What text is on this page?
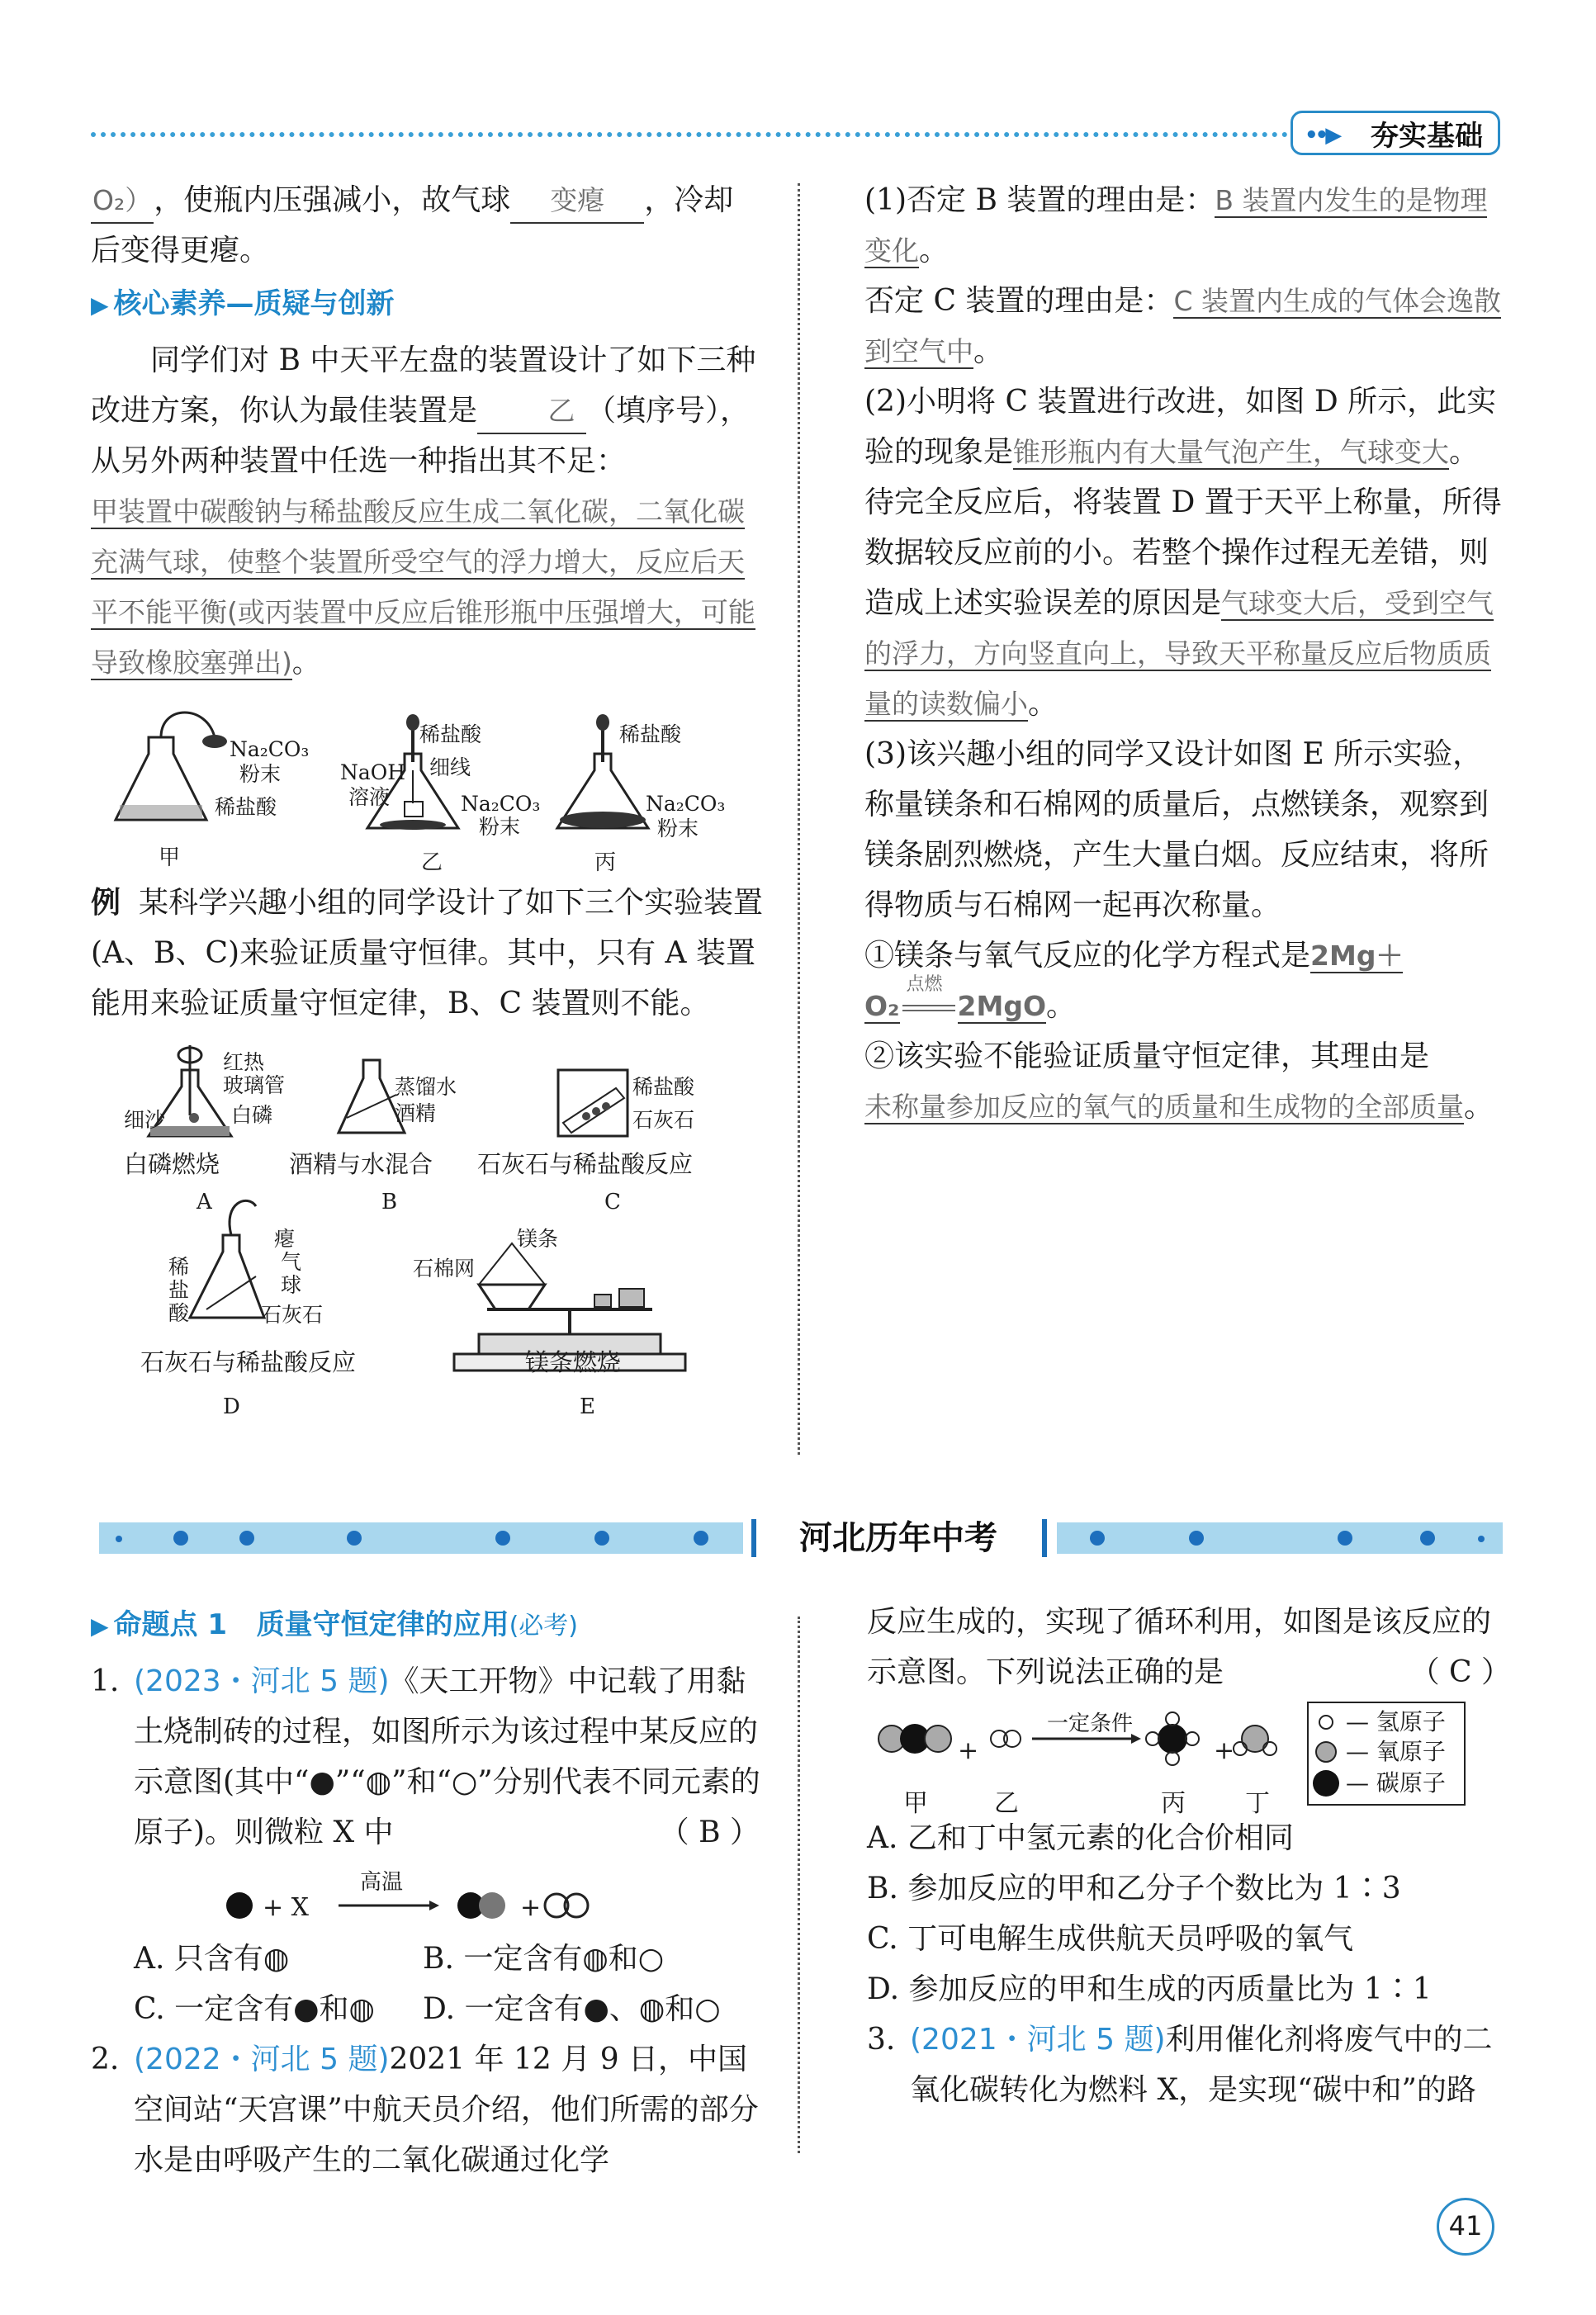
••▶ 夯实基础

O₂），使瓶内压强减小，故气球 变瘪 ，冷却

后变得更瘪。

▶ 核心素养—质疑与创新

同学们对 B 中天平左盘的装置设计了如下三种改进方案，你认为最佳装置是	乙 （填序号），从另外两种装置中任选一种指出其不足：

甲装置中碳酸钠与稀盐酸反应生成二氧化碳，二氧化碳充满气球，使整个装置所受空气的浮力增大，反应后天平不能平衡(或丙装置中反应后锥形瓶中压强增大，可能导致橡胶塞弹出)。

Na₂CO₃
粉末
稀盐酸
甲
稀盐酸
细线
NaOH
溶液	Na₂CO₃
粉末
乙
稀盐酸
Na₂CO₃
粉末
丙

例 某科学兴趣小组的同学设计了如下三个实验装置(A、B、C)来验证质量守恒律。其中，只有 A 装置能用来验证质量守恒定律，B、C 装置则不能。

红热
玻璃管
细沙	白磷
白磷燃烧
A
蒸馏水
酒精
酒精与水混合
B
稀盐酸
石灰石
石灰石与稀盐酸反应
C
瘪
气
球
稀
盐
酸	石灰石
石灰石与稀盐酸反应
D
镁条
石棉网
镁条燃烧
E

(1)否定 B 装置的理由是：B 装置内发生的是物理变化。

否定 C 装置的理由是：C 装置内生成的气体会逸散到空气中。

(2)小明将 C 装置进行改进，如图 D 所示，此实验的现象是锥形瓶内有大量气泡产生，气球变大。待完全反应后，将装置 D 置于天平上称量，所得数据较反应前的小。若整个操作过程无差错，则造成上述实验误差的原因是气球变大后，受到空气的浮力，方向竖直向上，导致天平称量反应后物质质量的读数偏小。

(3)该兴趣小组的同学又设计如图 E 所示实验，称量镁条和石棉网的质量后，点燃镁条，观察到镁条剧烈燃烧，产生大量白烟。反应结束，将所得物质与石棉网一起再次称量。

①镁条与氧气反应的化学方程式是2Mg＋

O₂
点燃
2MgO。

②该实验不能验证质量守恒定律，其理由是

未称量参加反应的氧气的质量和生成物的全部质量。

河北历年中考
▶ 命题点 1 质量守恒定律的应用(必考)

1. (2023・河北 5 题)《天工开物》中记载了用黏土烧制砖的过程，如图所示为该过程中某反应的示意图(其中“●”“◍”和“○”分别代表不同元素的原子)。则微粒 X 中	（ B ）

+ X
高温
+

A. 只含有◍	B. 一定含有◍和○

C. 一定含有●和◍ D. 一定含有●、◍和○

2. (2022・河北 5 题)2021 年 12 月 9 日，中国空间站“天宫课”中航天员介绍，他们所需的部分水是由呼吸产生的二氧化碳通过化学

反应生成的，实现了循环利用，如图是该反应的示意图。下列说法正确的是	（ C ）

+	+
一定条件
甲	乙	丙 丁
— 氢原子
— 氧原子
— 碳原子

A. 乙和丁中氢元素的化合价相同

B. 参加反应的甲和乙分子个数比为 1∶3

C. 丁可电解生成供航天员呼吸的氧气

D. 参加反应的甲和生成的丙质量比为 1∶1

3. (2021・河北 5 题)利用催化剂将废气中的二氧化碳转化为燃料 X，是实现“碳中和”的路

41
